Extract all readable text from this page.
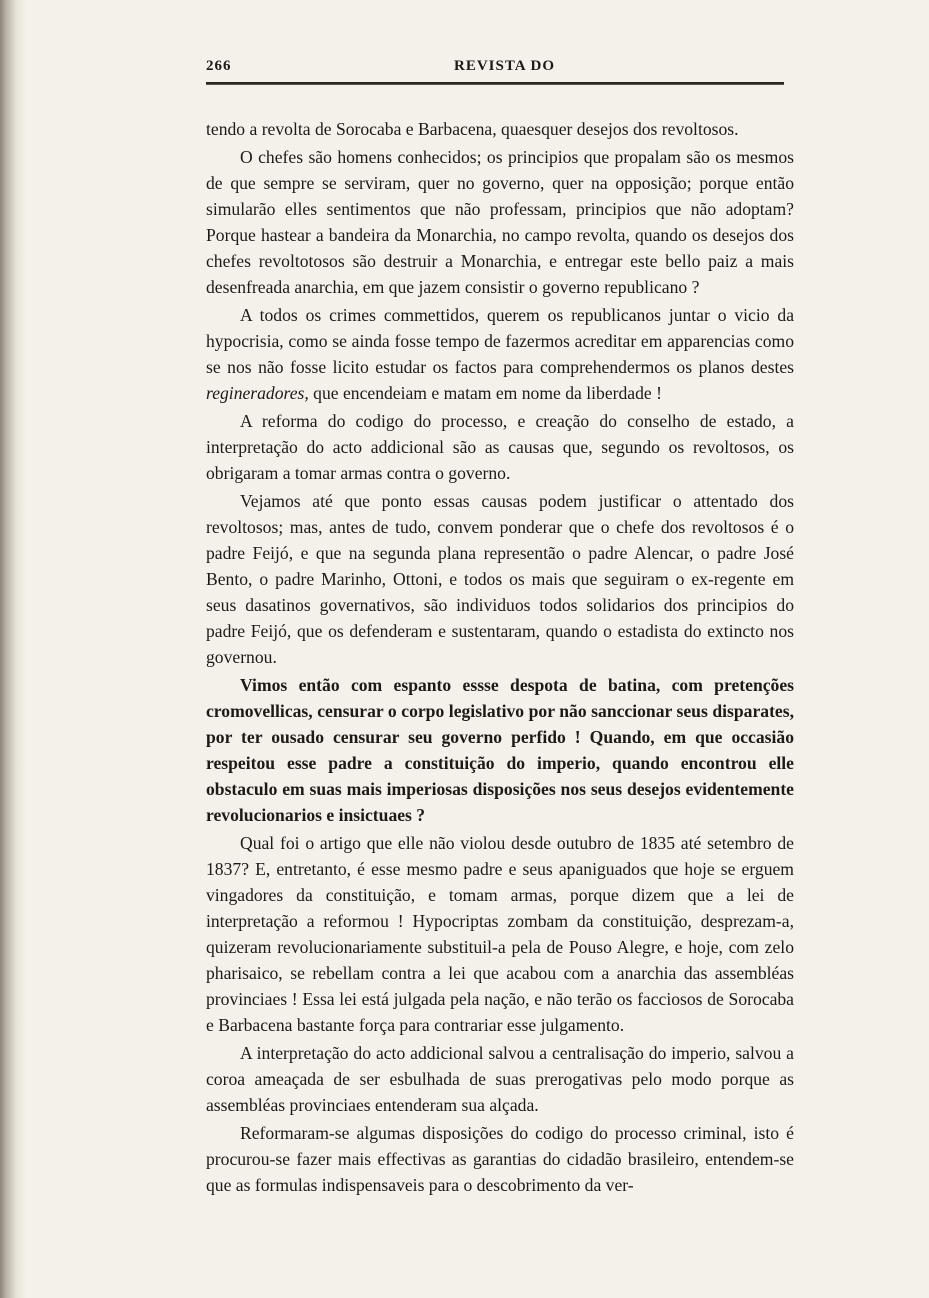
266	REVISTA DO

tendo a revolta de Sorocaba e Barbacena, quaesquer desejos dos revoltosos.

O chefes são homens conhecidos; os principios que propalam são os mesmos de que sempre se serviram, quer no governo, quer na opposição; porque então simularão elles sentimentos que não professam, principios que não adoptam? Porque hastear a bandeira da Monarchia, no campo revolta, quando os desejos dos chefes revoltotosos são destruir a Monarchia, e entregar este bello paiz a mais desenfreada anarchia, em que jazem consistir o governo republicano ?

A todos os crimes commettidos, querem os republicanos juntar o vicio da hypocrisia, como se ainda fosse tempo de fazermos acreditar em apparencias como se nos não fosse licito estudar os factos para comprehendermos os planos destes regineradores, que encendeiam e matam em nome da liberdade !

A reforma do codigo do processo, e creação do conselho de estado, a interpretação do acto addicional são as causas que, segundo os revoltosos, os obrigaram a tomar armas contra o governo.

Vejamos até que ponto essas causas podem justificar o attentado dos revoltosos; mas, antes de tudo, convem ponderar que o chefe dos revoltosos é o padre Feijó, e que na segunda plana representão o padre Alencar, o padre José Bento, o padre Marinho, Ottoni, e todos os mais que seguiram o ex-regente em seus dasatinos governativos, são individuos todos solidarios dos principios do padre Feijó, que os defenderam e sustentaram, quando o estadista do extincto nos governou.

Vimos então com espanto essse despota de batina, com pretenções cromovellicas, censurar o corpo legislativo por não sanccionar seus disparates, por ter ousado censurar seu governo perfido ! Quando, em que occasião respeitou esse padre a constituição do imperio, quando encontrou elle obstaculo em suas mais imperiosas disposições nos seus desejos evidentemente revolucionarios e insictuaes ?

Qual foi o artigo que elle não violou desde outubro de 1835 até setembro de 1837? E, entretanto, é esse mesmo padre e seus apaniguados que hoje se erguem vingadores da constituição, e tomam armas, porque dizem que a lei de interpretação a reformou ! Hypocriptas zombam da constituição, desprezam-a, quizeram revolucionariamente substituil-a pela de Pouso Alegre, e hoje, com zelo pharisaico, se rebellam contra a lei que acabou com a anarchia das assembléas provinciaes ! Essa lei está julgada pela nação, e não terão os facciosos de Sorocaba e Barbacena bastante força para contrariar esse julgamento.

A interpretação do acto addicional salvou a centralisação do imperio, salvou a coroa ameaçada de ser esbulhada de suas prerogativas pelo modo porque as assembléas provinciaes entenderam sua alçada.

Reformaram-se algumas disposições do codigo do processo criminal, isto é procurou-se fazer mais effectivas as garantias do cidadão brasileiro, entendem-se que as formulas indispensaveis para o descobrimento da ver-
